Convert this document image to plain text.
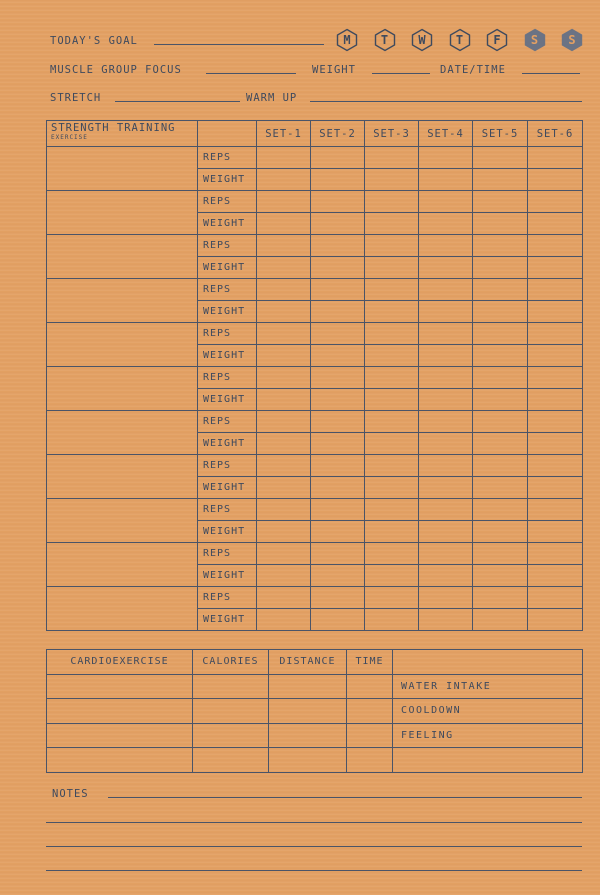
TODAY'S GOAL	M	T	W	T	F	S	S
MUSCLE GROUP FOCUS	WEIGHT	DATE/TIME
STRETCH	WARM UP
STRENGTH TRAINING
EXERCISE		SET-1	SET-2	SET-3	SET-4	SET-5	SET-6
	REPS						
	WEIGHT						
	REPS						
	WEIGHT						
	REPS						
	WEIGHT						
	REPS						
	WEIGHT						
	REPS						
	WEIGHT						
	REPS						
	WEIGHT						
	REPS						
	WEIGHT						
	REPS						
	WEIGHT						
	REPS						
	WEIGHT						
	REPS						
	WEIGHT						
	REPS						
	WEIGHT						
CARDIOEXERCISE	CALORIES	DISTANCE	TIME	
				WATER INTAKE
				COOLDOWN
				FEELING

NOTES
